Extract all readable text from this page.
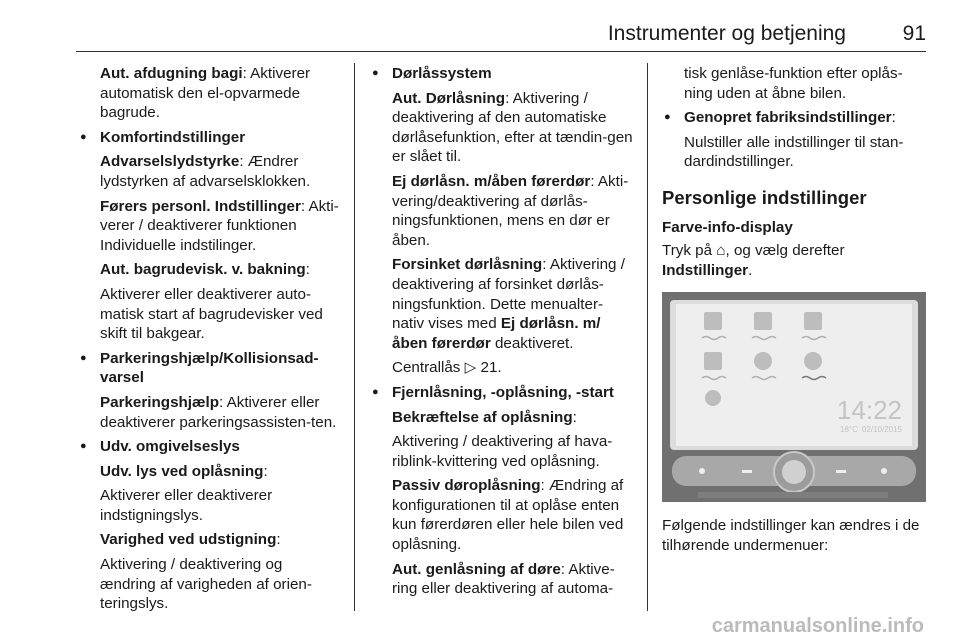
Instrumenter og betjening	91

Aut. afdugning bagi: Aktiverer automatisk den el-opvarmede bagrude.

● Komfortindstillinger

Advarselslydstyrke: Ændrer lydstyrken af advarselsklokken.

Førers personl. Indstillinger: Akti-verer / deaktiverer funktionen Individuelle indstilinger.

Aut. bagrudevisk. v. bakning:

Aktiverer eller deaktiverer auto-matisk start af bagrudevisker ved skift til bakgear.

● Parkeringshjælp/Kollisionsad-varsel

Parkeringshjælp: Aktiverer eller deaktiverer parkeringsassisten-ten.

● Udv. omgivelseslys

Udv. lys ved oplåsning:

Aktiverer eller deaktiverer indstigningslys.

Varighed ved udstigning:

Aktivering / deaktivering og ændring af varigheden af orien-teringslys.

● Dørlåssystem

Aut. Dørlåsning: Aktivering / deaktivering af den automatiske dørlåsefunktion, efter at tændin-gen er slået til.

Ej dørlåsn. m/åben førerdør: Akti-vering/deaktivering af dørlås-ningsfunktionen, mens en dør er åben.

Forsinket dørlåsning: Aktivering / deaktivering af forsinket dørlås-ningsfunktion. Dette menualter-nativ vises med Ej dørlåsn. m/ åben førerdør deaktiveret.

Centrallås ▷ 21.

● Fjernlåsning, -oplåsning, -start

Bekræftelse af oplåsning:

Aktivering / deaktivering af hava-riblink-kvittering ved oplåsning.

Passiv døroplåsning: Ændring af konfigurationen til at oplåse enten kun førerdøren eller hele bilen ved oplåsning.

Aut. genlåsning af døre: Aktive-ring eller deaktivering af automa-

tisk genlåse-funktion efter oplås-ning uden at åbne bilen.

● Genopret fabriksindstillinger:

Nulstiller alle indstillinger til stan-dardindstillinger.

Personlige indstillinger
Farve-info-display

Tryk på ⌂, og vælg derefter
Indstillinger.

14:22
18°C 02/10/2015

Følgende indstillinger kan ændres i de tilhørende undermenuer:

carmanualsonline.info
